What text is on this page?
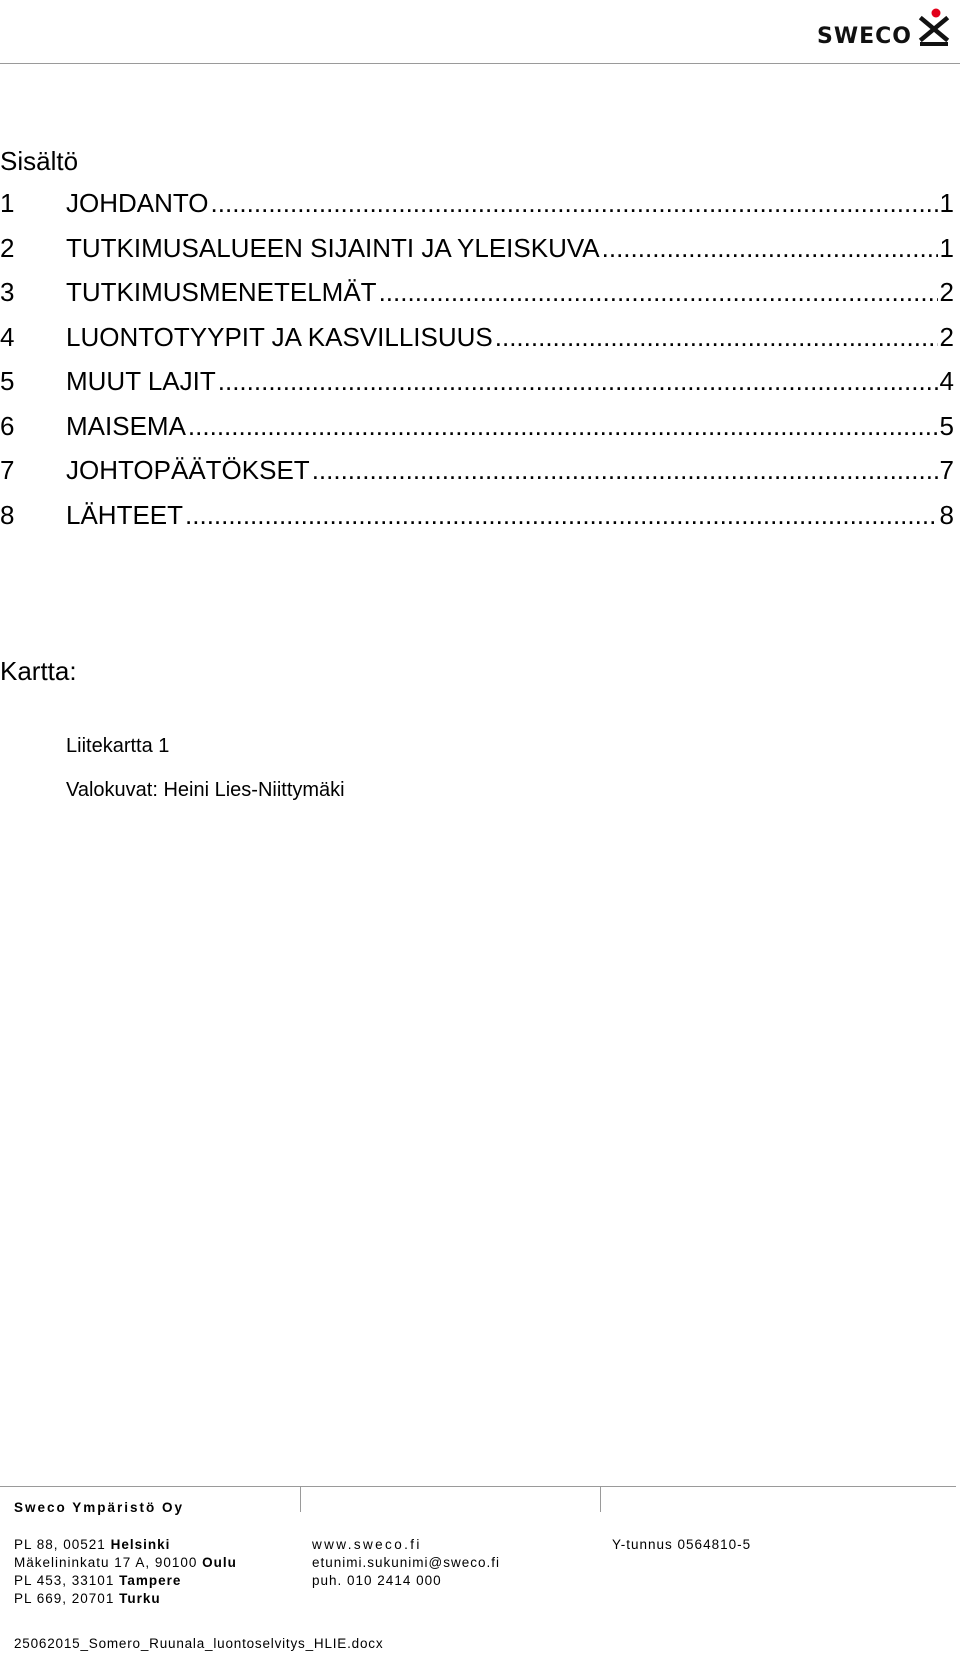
SWECO
Sisältö
1	JOHDANTO .....	1
2	TUTKIMUSALUEEN SIJAINTI JA YLEISKUVA .....	1
3	TUTKIMUSMENETELMÄT .....	2
4	LUONTOTYYPIT JA KASVILLISUUS .....	2
5	MUUT LAJIT .....	4
6	MAISEMA .....	5
7	JOHTOPÄÄTÖKSET .....	7
8	LÄHTEET .....	8
Kartta:
Liitekartta 1
Valokuvat: Heini Lies-Niittymäki
Sweco Ympäristö Oy
PL 88, 00521 Helsinki
Mäkelininkatu 17 A, 90100 Oulu
PL 453, 33101 Tampere
PL 669, 20701 Turku
www.sweco.fi
etunimi.sukunimi@sweco.fi
puh. 010 2414 000
Y-tunnus 0564810-5
25062015_Somero_Ruunala_luontoselvitys_HLIE.docx
